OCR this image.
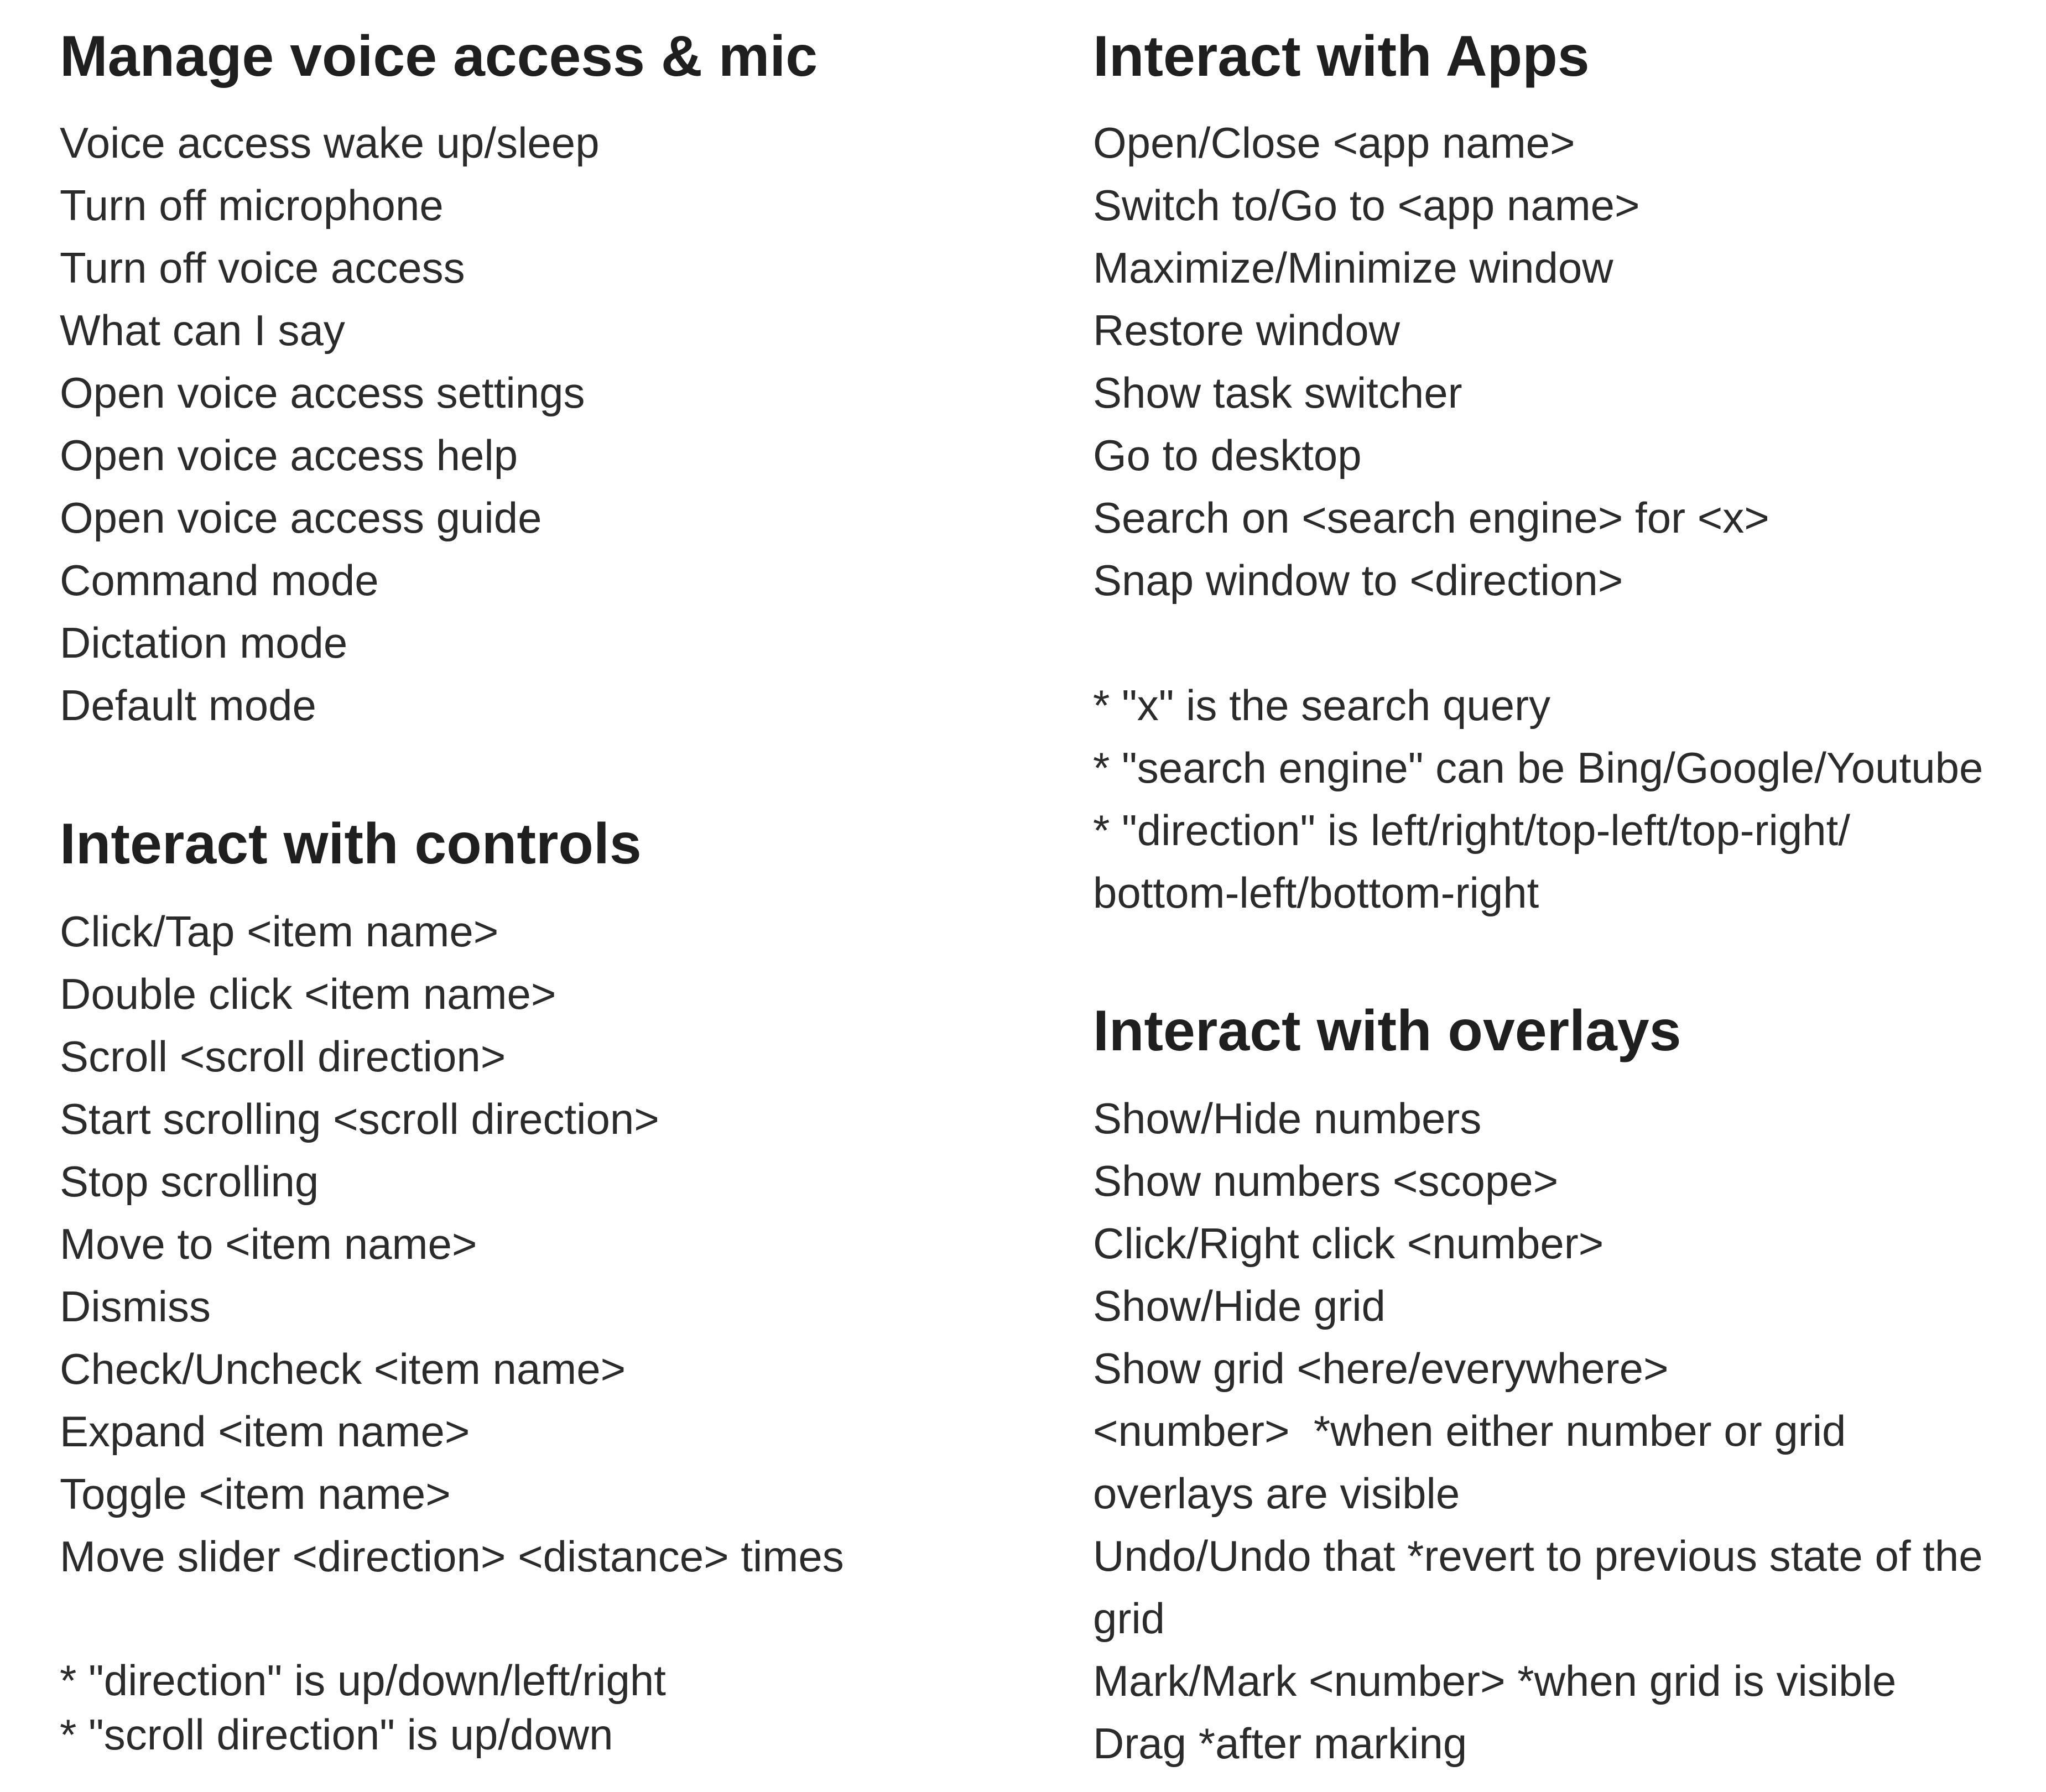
Manage voice access & mic
Voice access wake up/sleep
Turn off microphone
Turn off voice access
What can I say
Open voice access settings
Open voice access help
Open voice access guide
Command mode
Dictation mode
Default mode
Interact with controls
Click/Tap <item name>
Double click <item name>
Scroll <scroll direction>
Start scrolling <scroll direction>
Stop scrolling
Move to <item name>
Dismiss
Check/Uncheck <item name>
Expand <item name>
Toggle <item name>
Move slider <direction> <distance> times
* "direction" is up/down/left/right
* "scroll direction" is up/down
Interact with Apps
Open/Close <app name>
Switch to/Go to <app name>
Maximize/Minimize window
Restore window
Show task switcher
Go to desktop
Search on <search engine> for <x>
Snap window to <direction>
* "x" is the search query
* "search engine" can be Bing/Google/Youtube
* "direction" is left/right/top-left/top-right/
bottom-left/bottom-right
Interact with overlays
Show/Hide numbers
Show numbers <scope>
Click/Right click <number>
Show/Hide grid
Show grid <here/everywhere>
<number>  *when either number or grid
overlays are visible
Undo/Undo that *revert to previous state of the
grid
Mark/Mark <number> *when grid is visible
Drag *after marking
